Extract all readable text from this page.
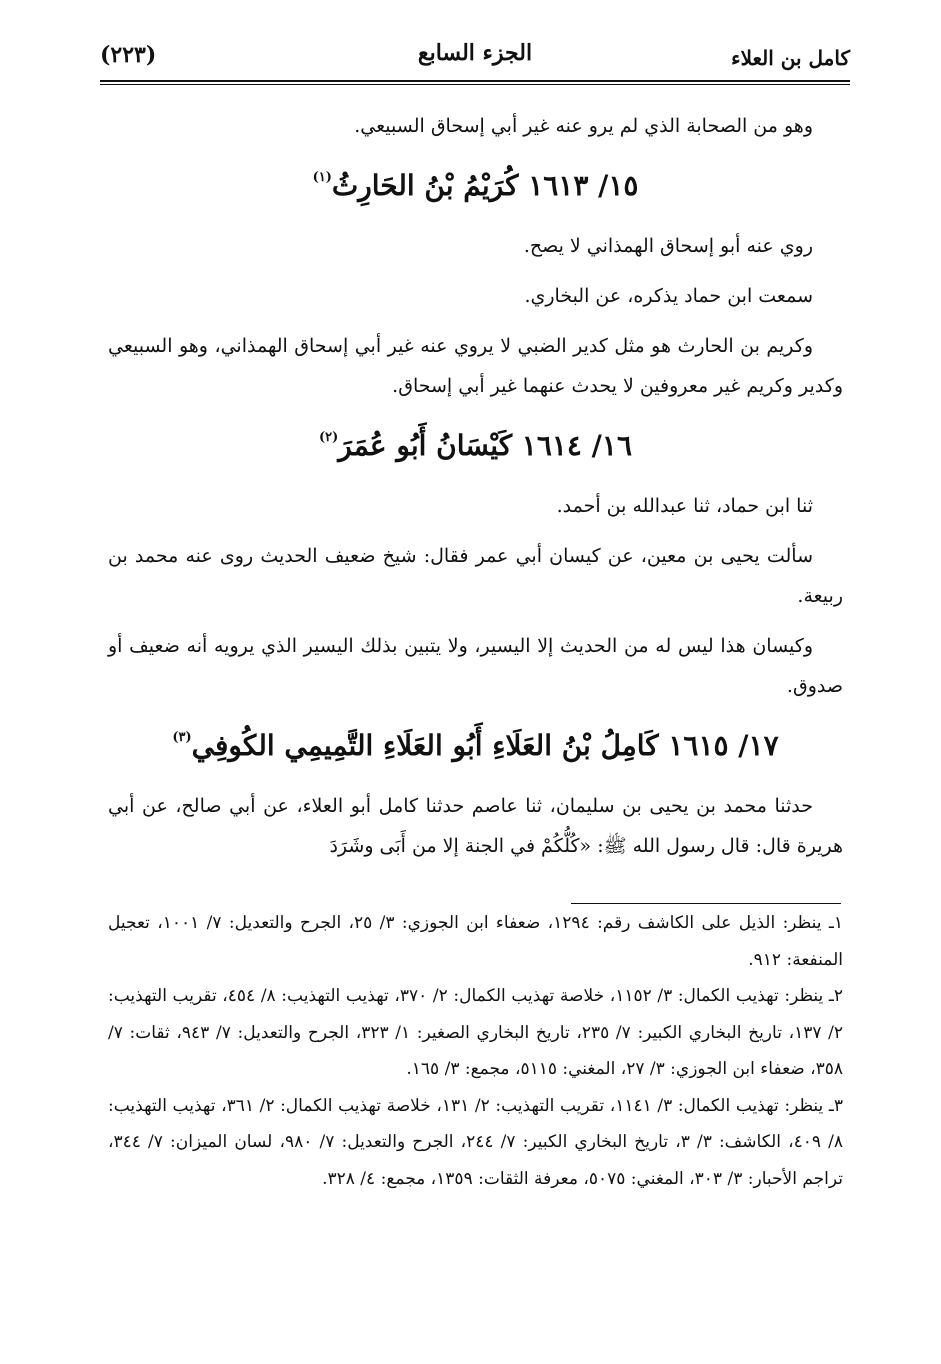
(٢٢٣)	الجزء السابع	كامل بن العلاء

وهو من الصحابة الذي لم يرو عنه غير أبي إسحاق السبيعي.

١٥/ ١٦١٣ كُرَيْمُ بْنُ الحَارِثُ$^{(١)}$

روي عنه أبو إسحاق الهمذاني لا يصح.

سمعت ابن حماد يذكره، عن البخاري.

وكريم بن الحارث هو مثل كدير الضبي لا يروي عنه غير أبي إسحاق الهمذاني، وهو السبيعي وكدير وكريم غير معروفين لا يحدث عنهما غير أبي إسحاق.

١٦/ ١٦١٤ كَيْسَانُ أَبُو عُمَرَ$^{(٢)}$

ثنا ابن حماد، ثنا عبدالله بن أحمد.

سألت يحيى بن معين، عن كيسان أبي عمر فقال: شيخ ضعيف الحديث روى عنه محمد بن ربيعة.

وكيسان هذا ليس له من الحديث إلا اليسير، ولا يتبين بذلك اليسير الذي يرويه أنه ضعيف أو صدوق.

١٧/ ١٦١٥ كَامِلُ بْنُ العَلَاءِ أَبُو العَلَاءِ التَّمِيمِي الكُوفِي$^{(٣)}$

حدثنا محمد بن يحيى بن سليمان، ثنا عاصم حدثنا كامل أبو العلاء، عن أبي صالح، عن أبي هريرة قال: قال رسول الله ﷺ: «كُلُّكُمْ في الجنة إلا من أَبَى وشَرَدَ

١ـ ينظر: الذيل على الكاشف رقم: ١٢٩٤، ضعفاء ابن الجوزي: ٣/ ٢٥، الجرح والتعديل: ٧/ ١٠٠١، تعجيل المنفعة: ٩١٢.

٢ـ ينظر: تهذيب الكمال: ٣/ ١١٥٢، خلاصة تهذيب الكمال: ٢/ ٣٧٠، تهذيب التهذيب: ٨/ ٤٥٤، تقريب التهذيب: ٢/ ١٣٧، تاريخ البخاري الكبير: ٧/ ٢٣٥، تاريخ البخاري الصغير: ١/ ٣٢٣، الجرح والتعديل: ٧/ ٩٤٣، ثقات: ٧/ ٣٥٨، ضعفاء ابن الجوزي: ٣/ ٢٧، المغني: ٥١١٥، مجمع: ٣/ ١٦٥.

٣ـ ينظر: تهذيب الكمال: ٣/ ١١٤١، تقريب التهذيب: ٢/ ١٣١، خلاصة تهذيب الكمال: ٢/ ٣٦١، تهذيب التهذيب: ٨/ ٤٠٩، الكاشف: ٣/ ٣، تاريخ البخاري الكبير: ٧/ ٢٤٤، الجرح والتعديل: ٧/ ٩٨٠، لسان الميزان: ٧/ ٣٤٤، تراجم الأحبار: ٣/ ٣٠٣، المغني: ٥٠٧٥، معرفة الثقات: ١٣٥٩، مجمع: ٤/ ٣٢٨.
